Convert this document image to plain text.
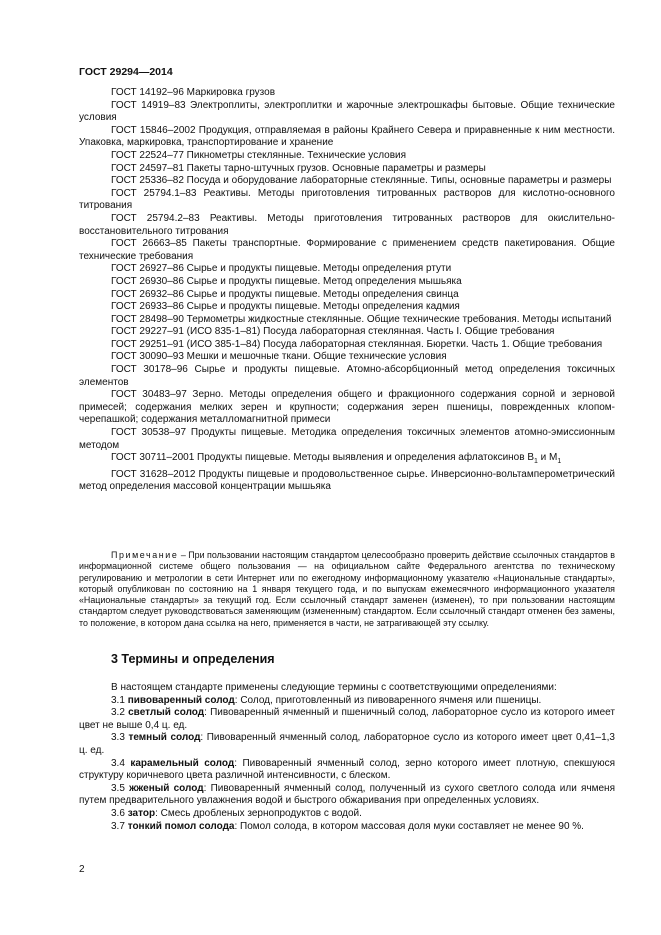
ГОСТ 29294—2014

ГОСТ 14192–96 Маркировка грузов

ГОСТ 14919–83 Электроплиты, электроплитки и жарочные электрошкафы бытовые. Общие технические условия

ГОСТ 15846–2002 Продукция, отправляемая в районы Крайнего Севера и приравненные к ним местности. Упаковка, маркировка, транспортирование и хранение

ГОСТ 22524–77 Пикнометры стеклянные. Технические условия

ГОСТ 24597–81 Пакеты тарно-штучных грузов. Основные параметры и размеры

ГОСТ 25336–82 Посуда и оборудование лабораторные стеклянные. Типы, основные параметры и размеры

ГОСТ 25794.1–83 Реактивы. Методы приготовления титрованных растворов для кислотно-основного титрования

ГОСТ 25794.2–83 Реактивы. Методы приготовления титрованных растворов для окислительно-восстановительного титрования

ГОСТ 26663–85 Пакеты транспортные. Формирование с применением средств пакетирования. Общие технические требования

ГОСТ 26927–86 Сырье и продукты пищевые. Методы определения ртути

ГОСТ 26930–86 Сырье и продукты пищевые. Метод определения мышьяка

ГОСТ 26932–86 Сырье и продукты пищевые. Методы определения свинца

ГОСТ 26933–86 Сырье и продукты пищевые. Методы определения кадмия

ГОСТ 28498–90 Термометры жидкостные стеклянные. Общие технические требования. Методы испытаний

ГОСТ 29227–91 (ИСО 835-1–81) Посуда лабораторная стеклянная. Часть I. Общие требования

ГОСТ 29251–91 (ИСО 385-1–84) Посуда лабораторная стеклянная. Бюретки. Часть 1. Общие требования

ГОСТ 30090–93 Мешки и мешочные ткани. Общие технические условия

ГОСТ 30178–96 Сырье и продукты пищевые. Атомно-абсорбционный метод определения токсичных элементов

ГОСТ 30483–97 Зерно. Методы определения общего и фракционного содержания сорной и зерновой примесей; содержания мелких зерен и крупности; содержания зерен пшеницы, поврежденных клопом-черепашкой; содержания металломагнитной примеси

ГОСТ 30538–97 Продукты пищевые. Методика определения токсичных элементов атомно-эмиссионным методом

ГОСТ 30711–2001 Продукты пищевые. Методы выявления и определения афлатоксинов $В_1$ и $М_1$

ГОСТ 31628–2012 Продукты пищевые и продовольственное сырье. Инверсионно-вольтамперометрический метод определения массовой концентрации мышьяка

Примечание – При пользовании настоящим стандартом целесообразно проверить действие ссылочных стандартов в информационной системе общего пользования — на официальном сайте Федерального агентства по техническому регулированию и метрологии в сети Интернет или по ежегодному информационному указателю «Национальные стандарты», который опубликован по состоянию на 1 января текущего года, и по выпускам ежемесячного информационного указателя «Национальные стандарты» за текущий год. Если ссылочный стандарт заменен (изменен), то при пользовании настоящим стандартом следует руководствоваться заменяющим (измененным) стандартом. Если ссылочный стандарт отменен без замены, то положение, в котором дана ссылка на него, применяется в части, не затрагивающей эту ссылку.

3 Термины и определения

В настоящем стандарте применены следующие термины с соответствующими определениями:

3.1 пивоваренный солод: Солод, приготовленный из пивоваренного ячменя или пшеницы.

3.2 светлый солод: Пивоваренный ячменный и пшеничный солод, лабораторное сусло из которого имеет цвет не выше 0,4 ц. ед.

3.3 темный солод: Пивоваренный ячменный солод, лабораторное сусло из которого имеет цвет 0,41–1,3 ц. ед.

3.4 карамельный солод: Пивоваренный ячменный солод, зерно которого имеет плотную, спекшуюся структуру коричневого цвета различной интенсивности, с блеском.

3.5 жженый солод: Пивоваренный ячменный солод, полученный из сухого светлого солода или ячменя путем предварительного увлажнения водой и быстрого обжаривания при определенных условиях.

3.6 затор: Смесь дробленых зернопродуктов с водой.

3.7 тонкий помол солода: Помол солода, в котором массовая доля муки составляет не менее 90 %.

2
